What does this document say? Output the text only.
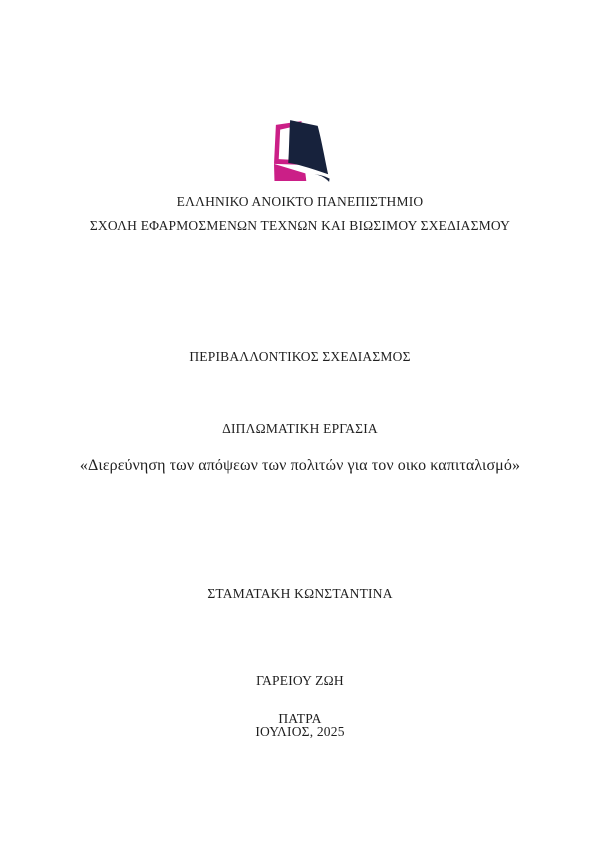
ΕΛΛΗΝΙΚΟ ΑΝΟΙΚΤΟ ΠΑΝΕΠΙΣΤΗΜΙΟ
ΣΧΟΛΗ ΕΦΑΡΜΟΣΜΕΝΩΝ ΤΕΧΝΩΝ ΚΑΙ ΒΙΩΣΙΜΟΥ ΣΧΕΔΙΑΣΜΟΥ
ΠΕΡΙΒΑΛΛΟΝΤΙΚΟΣ ΣΧΕΔΙΑΣΜΟΣ
ΔΙΠΛΩΜΑΤΙΚΗ ΕΡΓΑΣΙΑ
«Διερεύνηση των απόψεων των πολιτών για τον οικο καπιταλισμό»
ΣΤΑΜΑΤΑΚΗ ΚΩΝΣΤΑΝΤΙΝΑ
ΓΑΡΕΙΟΥ ΖΩΗ
ΠΑΤΡΑ
ΙΟΥΛΙΟΣ, 2025
